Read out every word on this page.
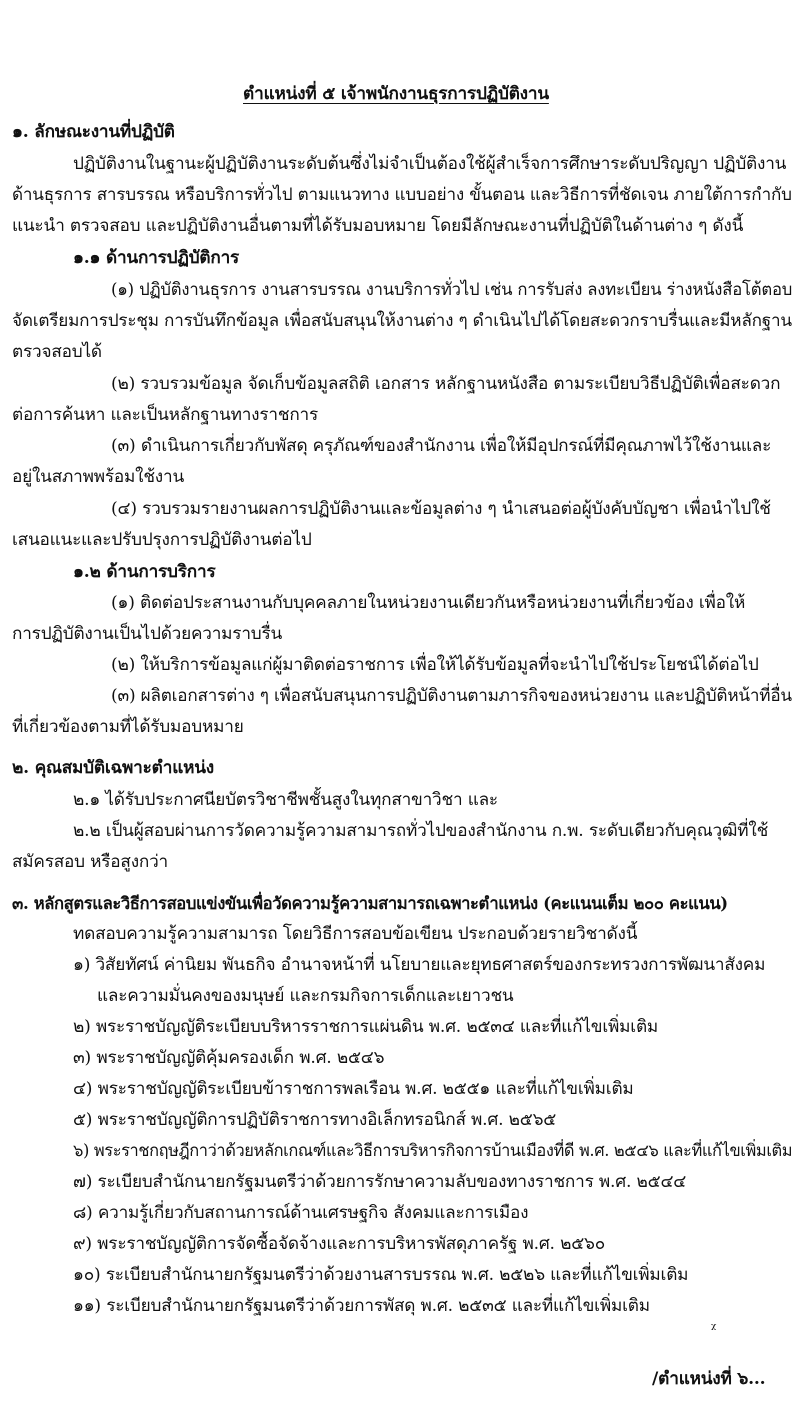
ตำแหน่งที่ ๕ เจ้าพนักงานธุรการปฏิบัติงาน
๑. ลักษณะงานที่ปฏิบัติ
ปฏิบัติงานในฐานะผู้ปฏิบัติงานระดับต้นซึ่งไม่จำเป็นต้องใช้ผู้สำเร็จการศึกษาระดับปริญญา ปฏิบัติงาน
ด้านธุรการ สารบรรณ หรือบริการทั่วไป ตามแนวทาง แบบอย่าง ขั้นตอน และวิธีการที่ชัดเจน ภายใต้การกำกับ
แนะนำ ตรวจสอบ และปฏิบัติงานอื่นตามที่ได้รับมอบหมาย โดยมีลักษณะงานที่ปฏิบัติในด้านต่าง ๆ ดังนี้
๑.๑ ด้านการปฏิบัติการ
(๑) ปฏิบัติงานธุรการ งานสารบรรณ งานบริการทั่วไป เช่น การรับส่ง ลงทะเบียน ร่างหนังสือโต้ตอบ
จัดเตรียมการประชุม การบันทึกข้อมูล เพื่อสนับสนุนให้งานต่าง ๆ ดำเนินไปได้โดยสะดวกราบรื่นและมีหลักฐาน
ตรวจสอบได้
(๒) รวบรวมข้อมูล จัดเก็บข้อมูลสถิติ เอกสาร หลักฐานหนังสือ ตามระเบียบวิธีปฏิบัติเพื่อสะดวก
ต่อการค้นหา และเป็นหลักฐานทางราชการ
(๓) ดำเนินการเกี่ยวกับพัสดุ ครุภัณฑ์ของสำนักงาน เพื่อให้มีอุปกรณ์ที่มีคุณภาพไว้ใช้งานและ
อยู่ในสภาพพร้อมใช้งาน
(๔) รวบรวมรายงานผลการปฏิบัติงานและข้อมูลต่าง ๆ นำเสนอต่อผู้บังคับบัญชา เพื่อนำไปใช้
เสนอแนะและปรับปรุงการปฏิบัติงานต่อไป
๑.๒ ด้านการบริการ
(๑) ติดต่อประสานงานกับบุคคลภายในหน่วยงานเดียวกันหรือหน่วยงานที่เกี่ยวข้อง เพื่อให้
การปฏิบัติงานเป็นไปด้วยความราบรื่น
(๒) ให้บริการข้อมูลแก่ผู้มาติดต่อราชการ เพื่อให้ได้รับข้อมูลที่จะนำไปใช้ประโยชน์ได้ต่อไป
(๓) ผลิตเอกสารต่าง ๆ เพื่อสนับสนุนการปฏิบัติงานตามภารกิจของหน่วยงาน และปฏิบัติหน้าที่อื่น
ที่เกี่ยวข้องตามที่ได้รับมอบหมาย
๒. คุณสมบัติเฉพาะตำแหน่ง
๒.๑ ได้รับประกาศนียบัตรวิชาชีพชั้นสูงในทุกสาขาวิชา และ
๒.๒ เป็นผู้สอบผ่านการวัดความรู้ความสามารถทั่วไปของสำนักงาน ก.พ. ระดับเดียวกับคุณวุฒิที่ใช้
สมัครสอบ หรือสูงกว่า
๓. หลักสูตรและวิธีการสอบแข่งขันเพื่อวัดความรู้ความสามารถเฉพาะตำแหน่ง (คะแนนเต็ม ๒๐๐ คะแนน)
ทดสอบความรู้ความสามารถ โดยวิธีการสอบข้อเขียน ประกอบด้วยรายวิชาดังนี้
๑) วิสัยทัศน์ ค่านิยม พันธกิจ อำนาจหน้าที่ นโยบายและยุทธศาสตร์ของกระทรวงการพัฒนาสังคม
และความมั่นคงของมนุษย์ และกรมกิจการเด็กและเยาวชน
๒) พระราชบัญญัติระเบียบบริหารราชการแผ่นดิน พ.ศ. ๒๕๓๔ และที่แก้ไขเพิ่มเติม
๓) พระราชบัญญัติคุ้มครองเด็ก พ.ศ. ๒๕๔๖
๔) พระราชบัญญัติระเบียบข้าราชการพลเรือน พ.ศ. ๒๕๕๑ และที่แก้ไขเพิ่มเติม
๕) พระราชบัญญัติการปฏิบัติราชการทางอิเล็กทรอนิกส์ พ.ศ. ๒๕๖๕
๖) พระราชกฤษฎีกาว่าด้วยหลักเกณฑ์และวิธีการบริหารกิจการบ้านเมืองที่ดี พ.ศ. ๒๕๔๖ และที่แก้ไขเพิ่มเติม
๗) ระเบียบสำนักนายกรัฐมนตรีว่าด้วยการรักษาความลับของทางราชการ พ.ศ. ๒๕๔๔
๘) ความรู้เกี่ยวกับสถานการณ์ด้านเศรษฐกิจ สังคมและการเมือง
๙) พระราชบัญญัติการจัดซื้อจัดจ้างและการบริหารพัสดุภาครัฐ พ.ศ. ๒๕๖๐
๑๐) ระเบียบสำนักนายกรัฐมนตรีว่าด้วยงานสารบรรณ พ.ศ. ๒๕๒๖ และที่แก้ไขเพิ่มเติม
๑๑) ระเบียบสำนักนายกรัฐมนตรีว่าด้วยการพัสดุ พ.ศ. ๒๕๓๕ และที่แก้ไขเพิ่มเติม
ᵡ
/ตำแหน่งที่ ๖...
